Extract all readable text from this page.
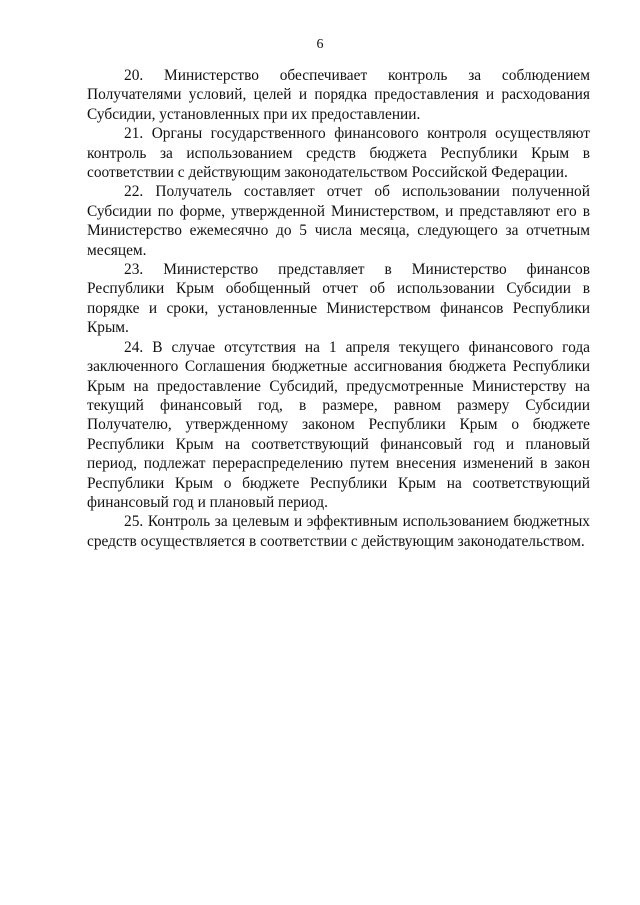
6

20. Министерство обеспечивает контроль за соблюдением Получателями условий, целей и порядка предоставления и расходования Субсидии, установленных при их предоставлении.

21. Органы государственного финансового контроля осуществляют контроль за использованием средств бюджета Республики Крым в соответствии с действующим законодательством Российской Федерации.

22. Получатель составляет отчет об использовании полученной Субсидии по форме, утвержденной Министерством, и представляют его в Министерство ежемесячно до 5 числа месяца, следующего за отчетным месяцем.

23. Министерство представляет в Министерство финансов Республики Крым обобщенный отчет об использовании Субсидии в порядке и сроки, установленные Министерством финансов Республики Крым.

24. В случае отсутствия на 1 апреля текущего финансового года заключенного Соглашения бюджетные ассигнования бюджета Республики Крым на предоставление Субсидий, предусмотренные Министерству на текущий финансовый год, в размере, равном размеру Субсидии Получателю, утвержденному законом Республики Крым о бюджете Республики Крым на соответствующий финансовый год и плановый период, подлежат перераспределению путем внесения изменений в закон Республики Крым о бюджете Республики Крым на соответствующий финансовый год и плановый период.

25. Контроль за целевым и эффективным использованием бюджетных средств осуществляется в соответствии с действующим законодательством.
